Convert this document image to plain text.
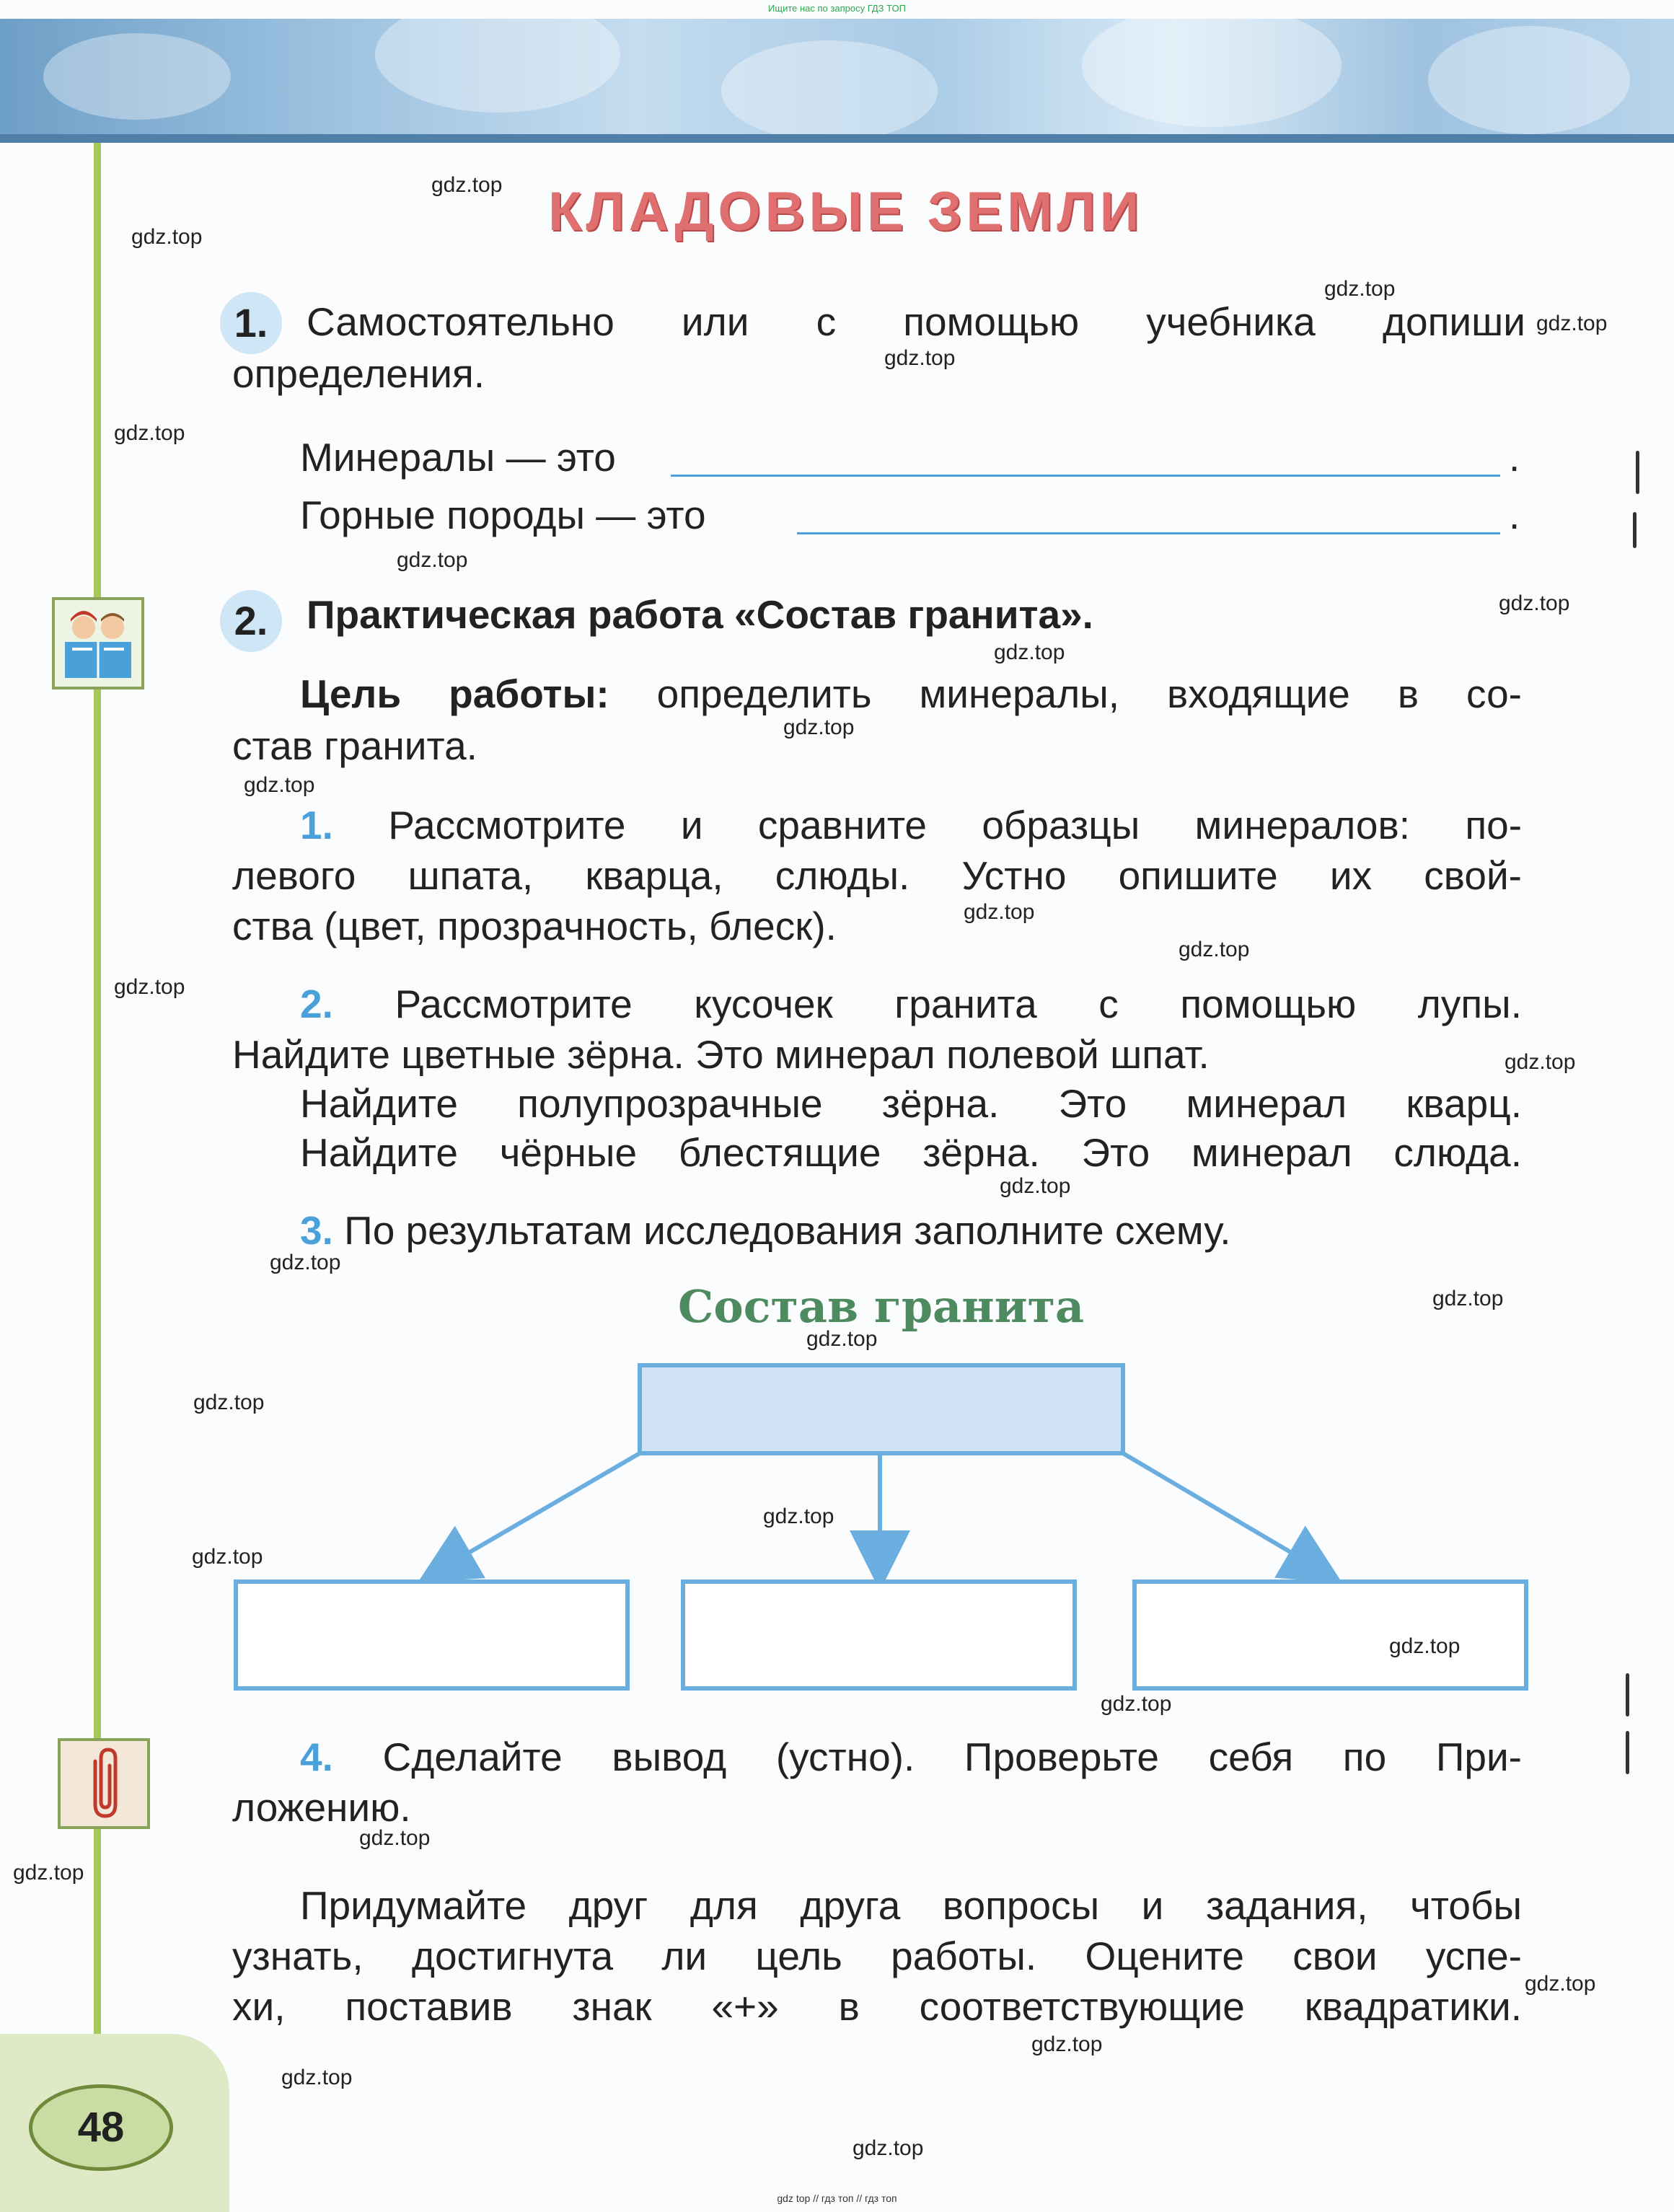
Ищите нас по запросу ГДЗ ТОП
48
КЛАДОВЫЕ ЗЕМЛИ
1. Самостоятельно или с помощью учебника допиши
определения.
Минералы — это	.
Горные породы — это	.
2. Практическая работа «Состав гранита».
Цель работы: определить минералы, входящие в со-
став гранита.
1. Рассмотрите и сравните образцы минералов: по-
левого шпата, кварца, слюды. Устно опишите их свой-
ства (цвет, прозрачность, блеск).
2. Рассмотрите кусочек гранита с помощью лупы.
Найдите цветные зёрна. Это минерал полевой шпат.
Найдите полупрозрачные зёрна. Это минерал кварц.
Найдите чёрные блестящие зёрна. Это минерал слюда.
3. По результатам исследования заполните схему.
Состав гранита
4. Сделайте вывод (устно). Проверьте себя по При-
ложению.
Придумайте друг для друга вопросы и задания, чтобы
узнать, достигнута ли цель работы. Оцените свои успе-
хи, поставив знак «+» в соответствующие квадратики.
gdz.top
gdz.top
gdz.top
gdz.top
gdz.top
gdz.top
gdz.top
gdz.top
gdz.top
gdz.top
gdz.top
gdz.top
gdz.top
gdz.top
gdz.top
gdz.top
gdz.top
gdz.top
gdz.top
gdz.top
gdz.top
gdz.top
gdz.top
gdz.top
gdz.top
gdz.top
gdz.top
gdz.top
gdz.top
gdz.top
gdz top // гдз топ // гдз топ
